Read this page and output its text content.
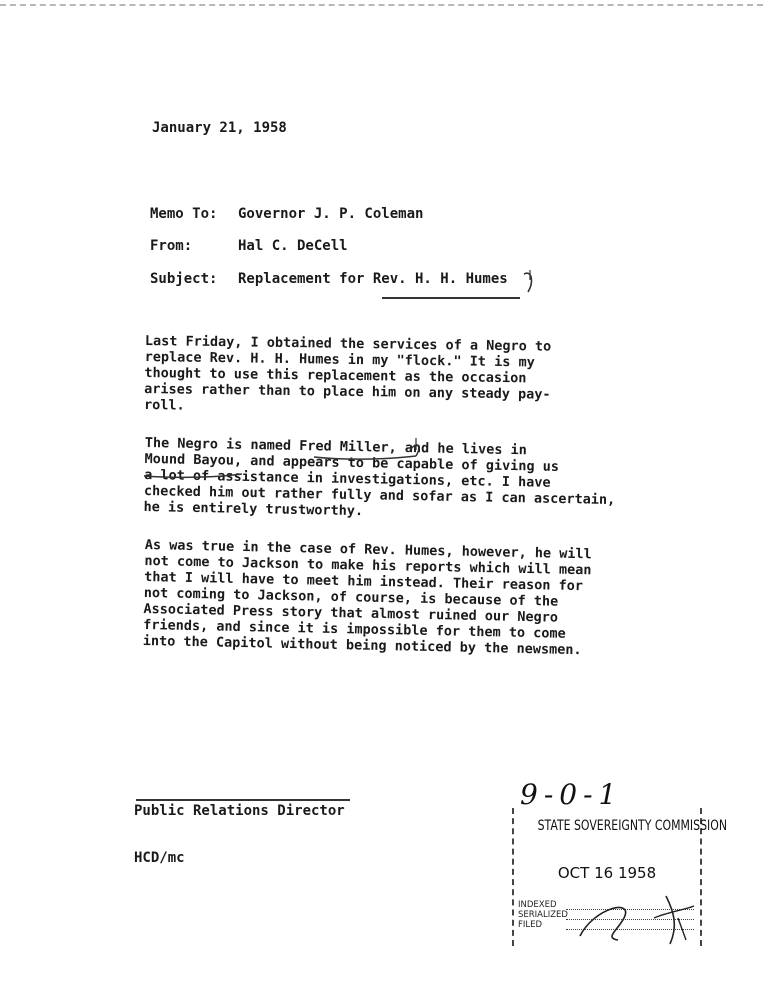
January 21, 1958
Memo To: Governor J. P. Coleman
From:	Hal C. DeCell
Subject: Replacement for Rev. H. H. Humes
Last Friday, I obtained the services of a Negro to
replace Rev. H. H. Humes in my "flock." It is my
thought to use this replacement as the occasion
arises rather than to place him on any steady pay-
roll.
The Negro is named Fred Miller, and he lives in
Mound Bayou, and appears to be capable of giving us
a lot of assistance in investigations, etc. I have
checked him out rather fully and sofar as I can ascertain,
he is entirely trustworthy.
As was true in the case of Rev. Humes, however, he will
not come to Jackson to make his reports which will mean
that I will have to meet him instead. Their reason for
not coming to Jackson, of course, is because of the
Associated Press story that almost ruined our Negro
friends, and since it is impossible for them to come
into the Capitol without being noticed by the newsmen.
Public Relations Director
HCD/mc
9-0-1
STATE SOVEREIGNTY COMMISSION
OCT 16 1958
INDEXED
SERIALIZED
FILED
